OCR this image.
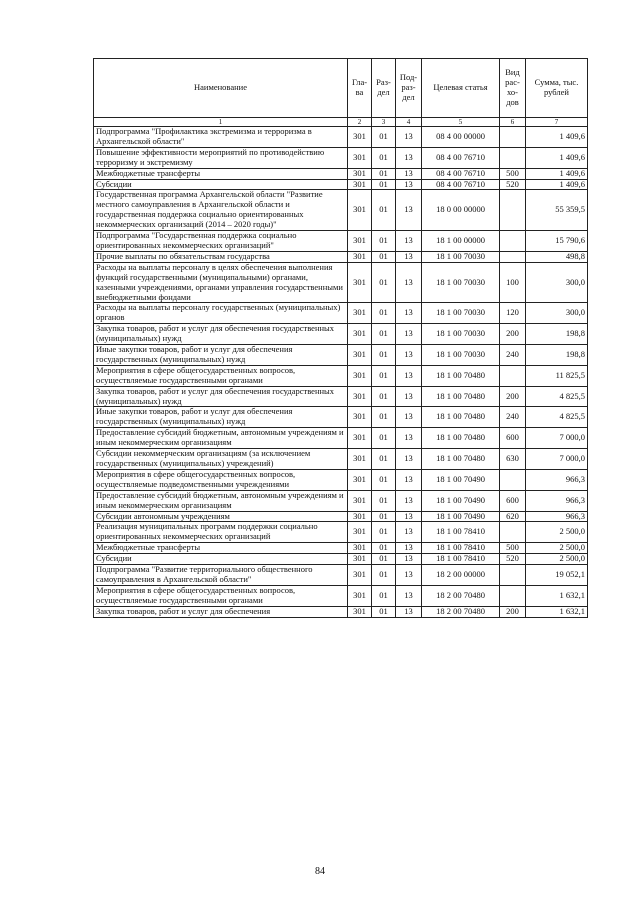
Наименование	Гла-ва	Раз-дел	Под-раз-дел	Целевая статья	Вид рас-хо-дов	Сумма, тыс. рублей
1	2	3	4	5	6	7
Подпрограмма "Профилактика экстремизма и терроризма в Архангельской области"	301	01	13	08 4 00 00000		1 409,6
Повышение эффективности мероприятий по противодействию терроризму и экстремизму	301	01	13	08 4 00 76710		1 409,6
Межбюджетные трансферты	301	01	13	08 4 00 76710	500	1 409,6
Субсидии	301	01	13	08 4 00 76710	520	1 409,6
Государственная программа Архангельской области "Развитие местного самоуправления в Архангельской области и государственная поддержка социально ориентированных некоммерческих организаций (2014 – 2020 годы)"	301	01	13	18 0 00 00000		55 359,5
Подпрограмма "Государственная поддержка социально ориентированных некоммерческих организаций"	301	01	13	18 1 00 00000		15 790,6
Прочие выплаты по обязательствам государства	301	01	13	18 1 00 70030		498,8
Расходы на выплаты персоналу в целях обеспечения выполнения функций государственными (муниципальными) органами, казенными учреждениями, органами управления государственными внебюджетными фондами	301	01	13	18 1 00 70030	100	300,0
Расходы на выплаты персоналу государственных (муниципальных) органов	301	01	13	18 1 00 70030	120	300,0
Закупка товаров, работ и услуг для обеспечения государственных (муниципальных) нужд	301	01	13	18 1 00 70030	200	198,8
Иные закупки товаров, работ и услуг для обеспечения государственных (муниципальных) нужд	301	01	13	18 1 00 70030	240	198,8
Мероприятия в сфере общегосударственных вопросов, осуществляемые государственными органами	301	01	13	18 1 00 70480		11 825,5
Закупка товаров, работ и услуг для обеспечения государственных (муниципальных) нужд	301	01	13	18 1 00 70480	200	4 825,5
Иные закупки товаров, работ и услуг для обеспечения государственных (муниципальных) нужд	301	01	13	18 1 00 70480	240	4 825,5
Предоставление субсидий бюджетным, автономным учреждениям и иным некоммерческим организациям	301	01	13	18 1 00 70480	600	7 000,0
Субсидии некоммерческим организациям (за исключением государственных (муниципальных) учреждений)	301	01	13	18 1 00 70480	630	7 000,0
Мероприятия в сфере общегосударственных вопросов, осуществляемые подведомственными учреждениями	301	01	13	18 1 00 70490		966,3
Предоставление субсидий бюджетным, автономным учреждениям и иным некоммерческим организациям	301	01	13	18 1 00 70490	600	966,3
Субсидии автономным учреждениям	301	01	13	18 1 00 70490	620	966,3
Реализация муниципальных программ поддержки социально ориентированных некоммерческих организаций	301	01	13	18 1 00 78410		2 500,0
Межбюджетные трансферты	301	01	13	18 1 00 78410	500	2 500,0
Субсидии	301	01	13	18 1 00 78410	520	2 500,0
Подпрограмма "Развитие территориального общественного самоуправления в Архангельской области"	301	01	13	18 2 00 00000		19 052,1
Мероприятия в сфере общегосударственных вопросов, осуществляемые государственными органами	301	01	13	18 2 00 70480		1 632,1
Закупка товаров, работ и услуг для обеспечения	301	01	13	18 2 00 70480	200	1 632,1
84
